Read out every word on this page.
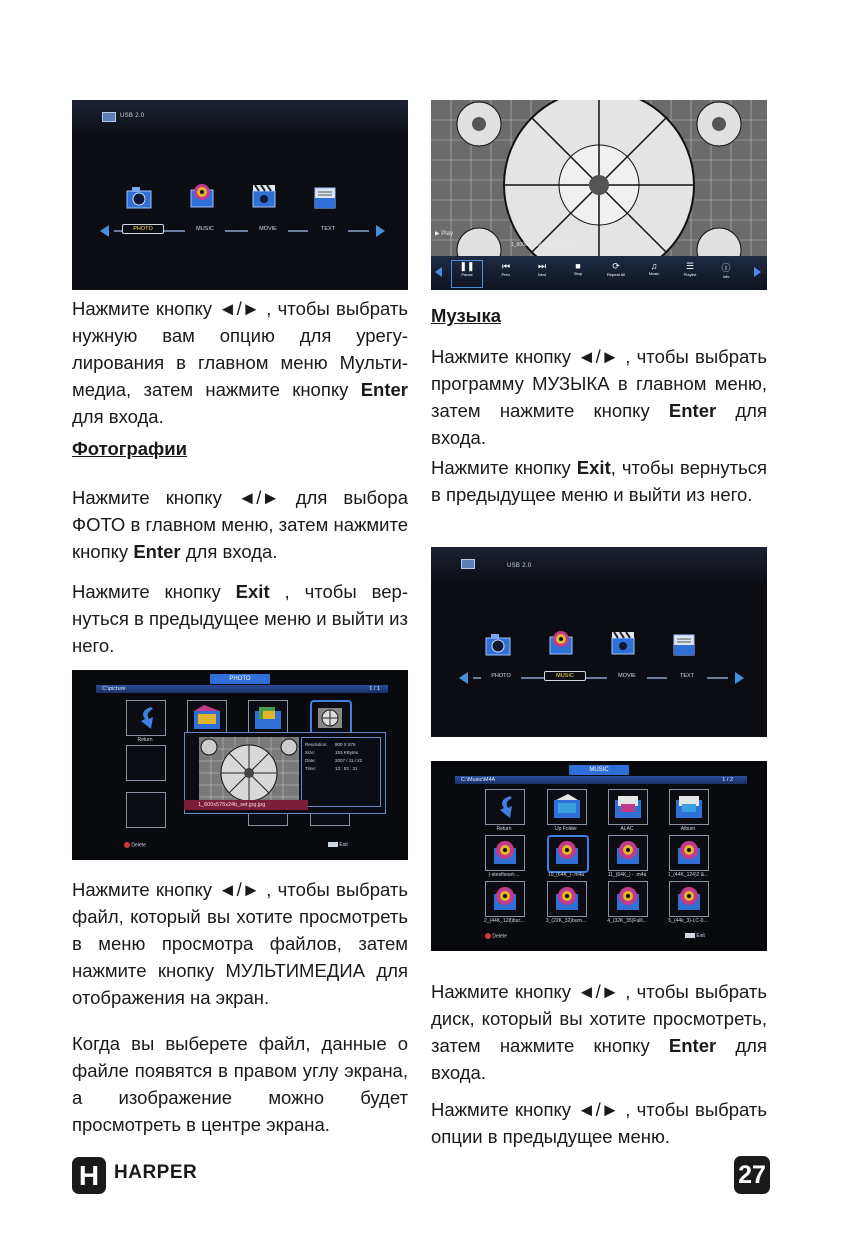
USB 2.0
PHOTO	MUSIC	MOVIE	TEXT

Нажмите кнопку ◄/► , чтобы выбрать нужную вам опцию для урегулирования в главном меню Мультимедиа, затем нажмите кнопку Enter для входа.

Фотографии

Нажмите кнопку ◄/► для выбора ФОТО в главном меню, затем нажмите кнопку Enter для входа.

Нажмите кнопку Exit , чтобы вернуться в предыдущее меню и выйти из него.

PHOTO
C:\picture	1 / 1
Return
Resolution: 800 X 576
Size:	153 KBytes
Date:	2007 / 11 / 22
Time:	13 : 53 : 31
1_600x576x24b_set.jpg.jpg
Delete	Exit

Нажмите кнопку ◄/► , чтобы выбрать файл, который вы хотите просмотреть в меню просмотра файлов, затем нажмите кнопку МУЛЬТИМЕДИА для отображения на экран.

Когда вы выберете файл, данные о файле появятся в правом углу экрана, а изображение можно будет просмотреть в центре экрана.

▶ Play
1_600x576x24b_set.jpg.jpg
❚❚
Pause
⏮
Prev.
⏭
Next
■
Stop
⟳
Repeat All
♫
Music
☰
Playlist
ⓘ
Info

Музыка

Нажмите кнопку ◄/► , чтобы выбрать программу МУЗЫКА в главном меню, затем нажмите кнопку Enter для входа.

Нажмите кнопку Exit, чтобы вернуться в предыдущее меню и выйти из него.

USB 2.0
PHOTO	MUSIC	MOVIE	TEXT
MUSIC
C:\Music\M4A	1 / 2
Return	Up Folder	ALAC	Album
(-steelheart-...	10_(64K_)-.m4a	11_(64K_) - .m4a	1_(44K_124)2 &...
2_(44K_128)bur...	3_(22K_32)burn...	4_(32K_35)Fulli...	5_(44k_3)-LC-0...
Delete	Exit

Нажмите кнопку ◄/► , чтобы выбрать диск, который вы хотите просмотреть, затем нажмите кнопку Enter для входа.

Нажмите кнопку ◄/► , чтобы выбрать опции в предыдущее меню.

H HARPER	27
